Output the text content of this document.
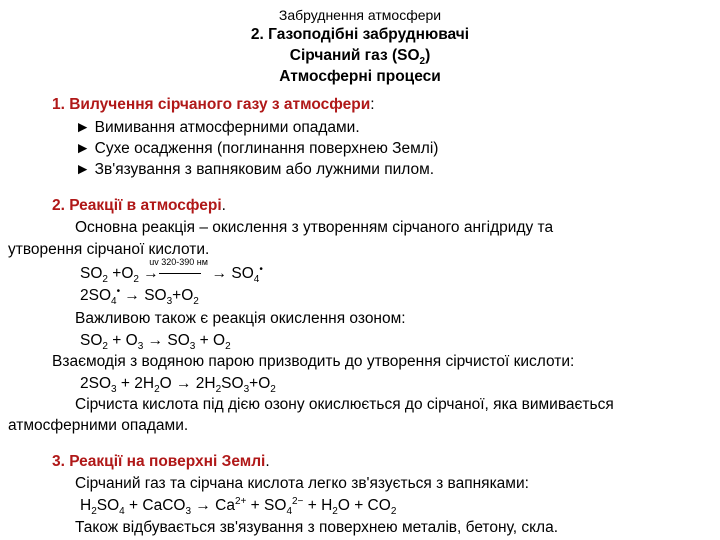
Забруднення атмосфери
2. Газоподібні забруднювачі
Сірчаний газ $(SO_2)$
Атмосферні процеси
1. Вилучення сірчаного газу з атмосфери:
► Вимивання атмосферними опадами.
► Сухе осадження (поглинання поверхнею Землі)
► Зв'язування з вапняковим або лужними пилом.
2. Реакції в атмосфері.
Основна реакція – окислення з утворенням сірчаного ангідриду та
утворення сірчаної кислоти.
$SO_2 +O_2$
uv 320-390 нм
→	→ $SO_4^•$
$2SO_4^• \to SO_3+O_2$
Важливою також є реакція окислення озоном:
$SO_2 + O_3 \to SO_3 + O_2$
Взаємодія з водяною парою призводить до утворення сірчистої кислоти:
$2SO_3 + 2H_2O \to 2H_2SO_3+O_2$
Сірчиста кислота під дією озону окислюється до сірчаної, яка вимивається
атмосферними опадами.
3. Реакції на поверхні Землі.
Сірчаний газ та сірчана кислота легко зв'язується з вапняками:
$H_2SO_4$ + CaCO$_3$ → $Ca^{2+} + SO_4^{2-} + H_2O + CO_2$
Також відбувається зв'язування з поверхнею металів, бетону, скла.
